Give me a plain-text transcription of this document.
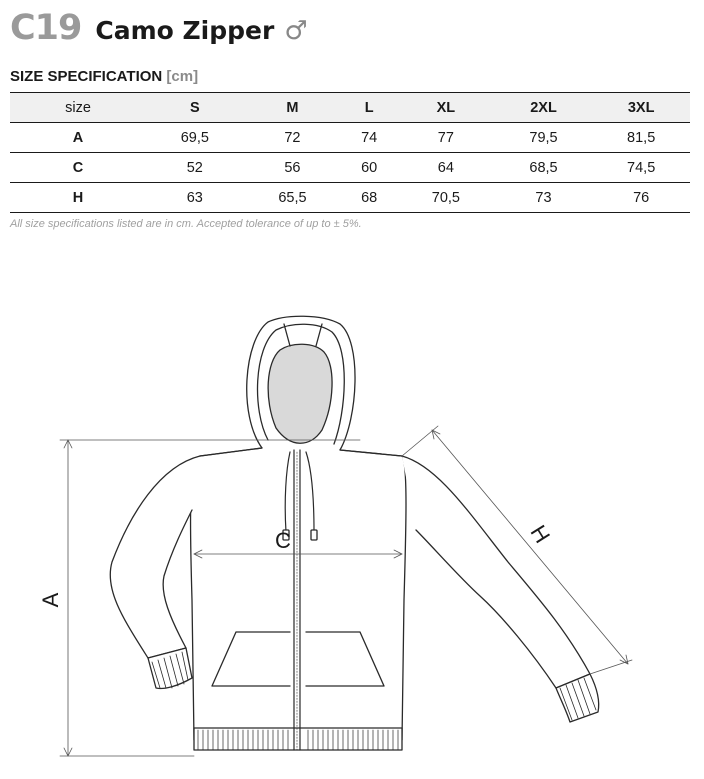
C19 Camo Zipper ♂
SIZE SPECIFICATION [cm]
size	S	M	L	XL	2XL	3XL
A	69,5	72	74	77	79,5	81,5
C	52	56	60	64	68,5	74,5
H	63	65,5	68	70,5	73	76
All size specifications listed are in cm. Accepted tolerance of up to ± 5%.
A
C	H
